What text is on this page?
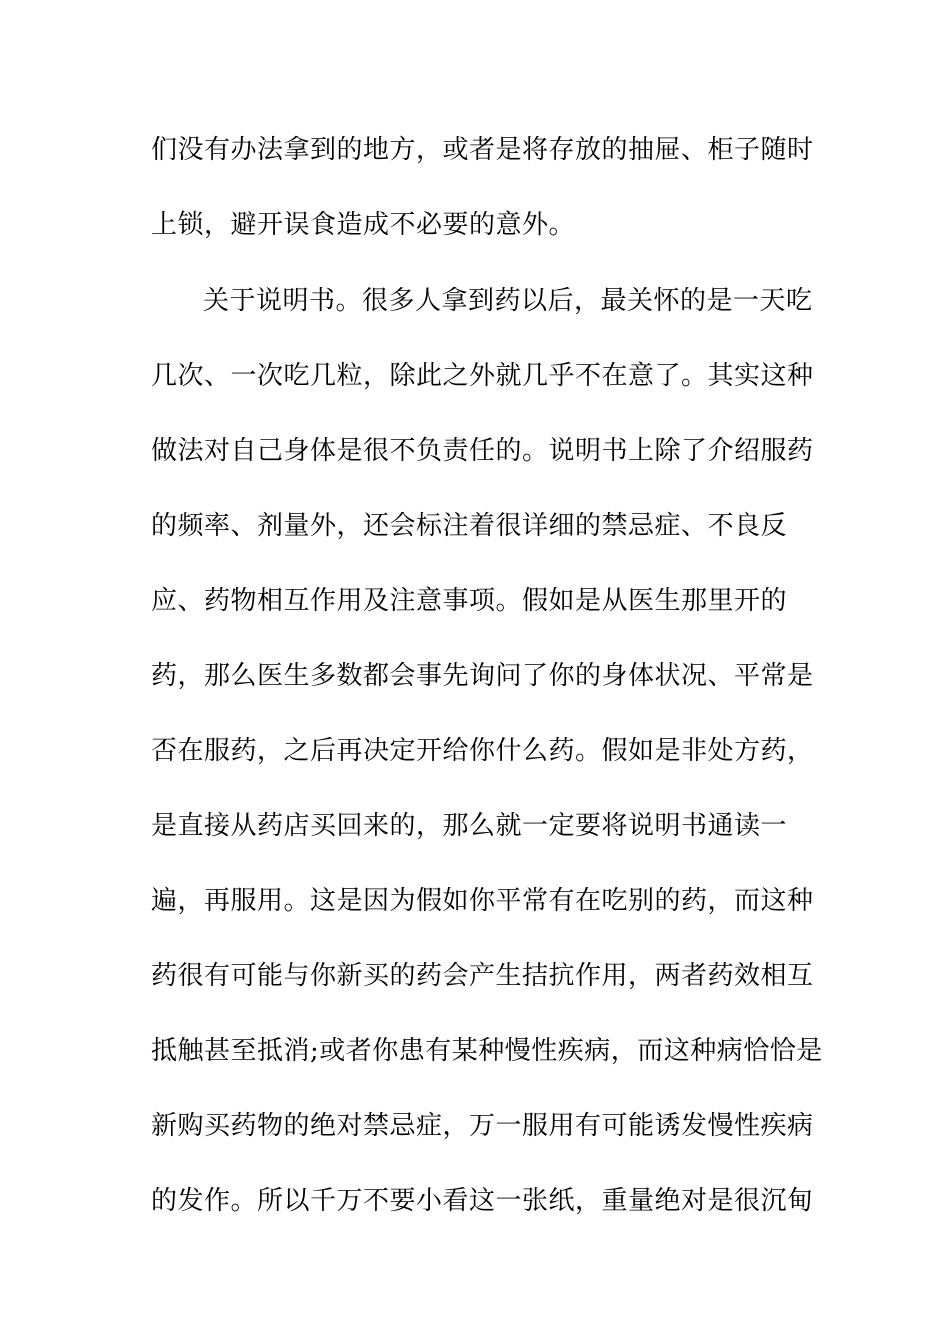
们没有办法拿到的地方，或者是将存放的抽屉、柜子随时
上锁，避开误食造成不必要的意外。
关于说明书。很多人拿到药以后，最关怀的是一天吃
几次、一次吃几粒，除此之外就几乎不在意了。其实这种
做法对自己身体是很不负责任的。说明书上除了介绍服药
的频率、剂量外，还会标注着很详细的禁忌症、不良反
应、药物相互作用及注意事项。假如是从医生那里开的
药，那么医生多数都会事先询问了你的身体状况、平常是
否在服药，之后再决定开给你什么药。假如是非处方药，
是直接从药店买回来的，那么就一定要将说明书通读一
遍，再服用。这是因为假如你平常有在吃别的药，而这种
药很有可能与你新买的药会产生拮抗作用，两者药效相互
抵触甚至抵消;或者你患有某种慢性疾病，而这种病恰恰是
新购买药物的绝对禁忌症，万一服用有可能诱发慢性疾病
的发作。所以千万不要小看这一张纸，重量绝对是很沉甸
